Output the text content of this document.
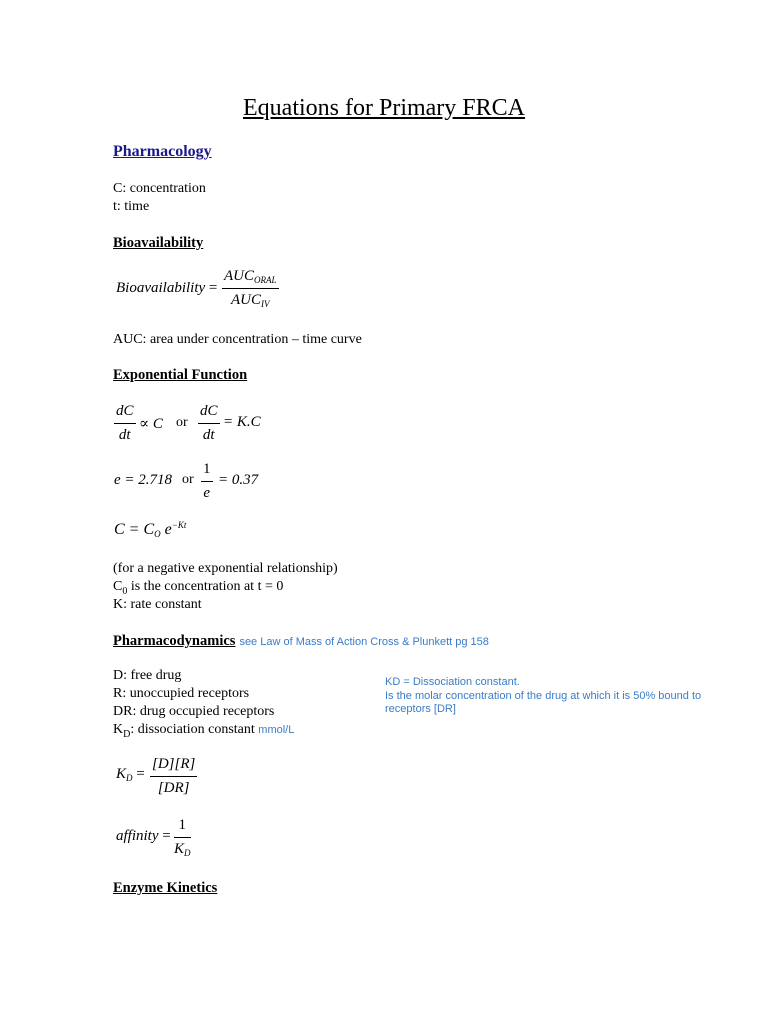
Equations for Primary FRCA
Pharmacology
C: concentration
t: time
Bioavailability
Bioavailability =
$AUC_{ORAL}$
$AUC_{IV}$
AUC: area under concentration – time curve
Exponential Function
$\frac{dC}{dt} \propto C$ or $\frac{dC}{dt} = K.C$
e = 2.718 or $\frac{1}{e} = 0.37$
$C = C_O$ $e^{-Kt}$
(for a negative exponential relationship)
$C_0$ is the concentration at t = 0
K: rate constant
Pharmacodynamics see Law of Mass of Action Cross & Plunkett pg 158
D: free drug
R: unoccupied receptors
DR: drug occupied receptors
$K_D$: dissociation constant mmol/L
KD = Dissociation constant.
Is the molar concentration of the drug at which it is 50% bound to
receptors [DR]
$K_D = \frac{[D][R]}{[DR]}$
affinity = $\frac{1}{K_D}$
Enzyme Kinetics
